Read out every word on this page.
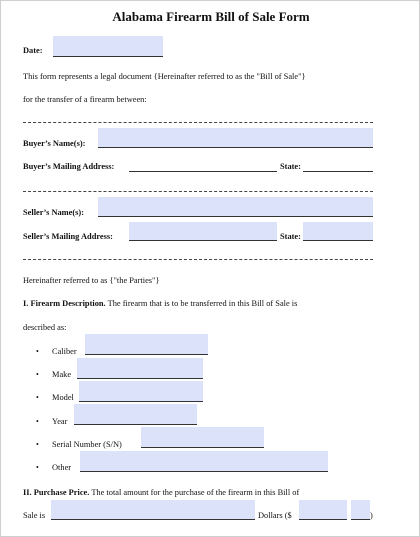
Alabama Firearm Bill of Sale Form
Date:
This form represents a legal document {Hereinafter referred to as the "Bill of Sale"}
for the transfer of a firearm between:
Buyer’s Name(s):
Buyer’s Mailing Address:	State:
Seller’s Name(s):
Seller’s Mailing Address:	State:
Hereinafter referred to as {"the Parties"}
I. Firearm Description. The firearm that is to be transferred in this Bill of Sale is
described as:
• Caliber
• Make
• Model
• Year
• Serial Number (S/N)
• Other
II. Purchase Price. The total amount for the purchase of the firearm in this Bill of
Sale is	Dollars ($	)
